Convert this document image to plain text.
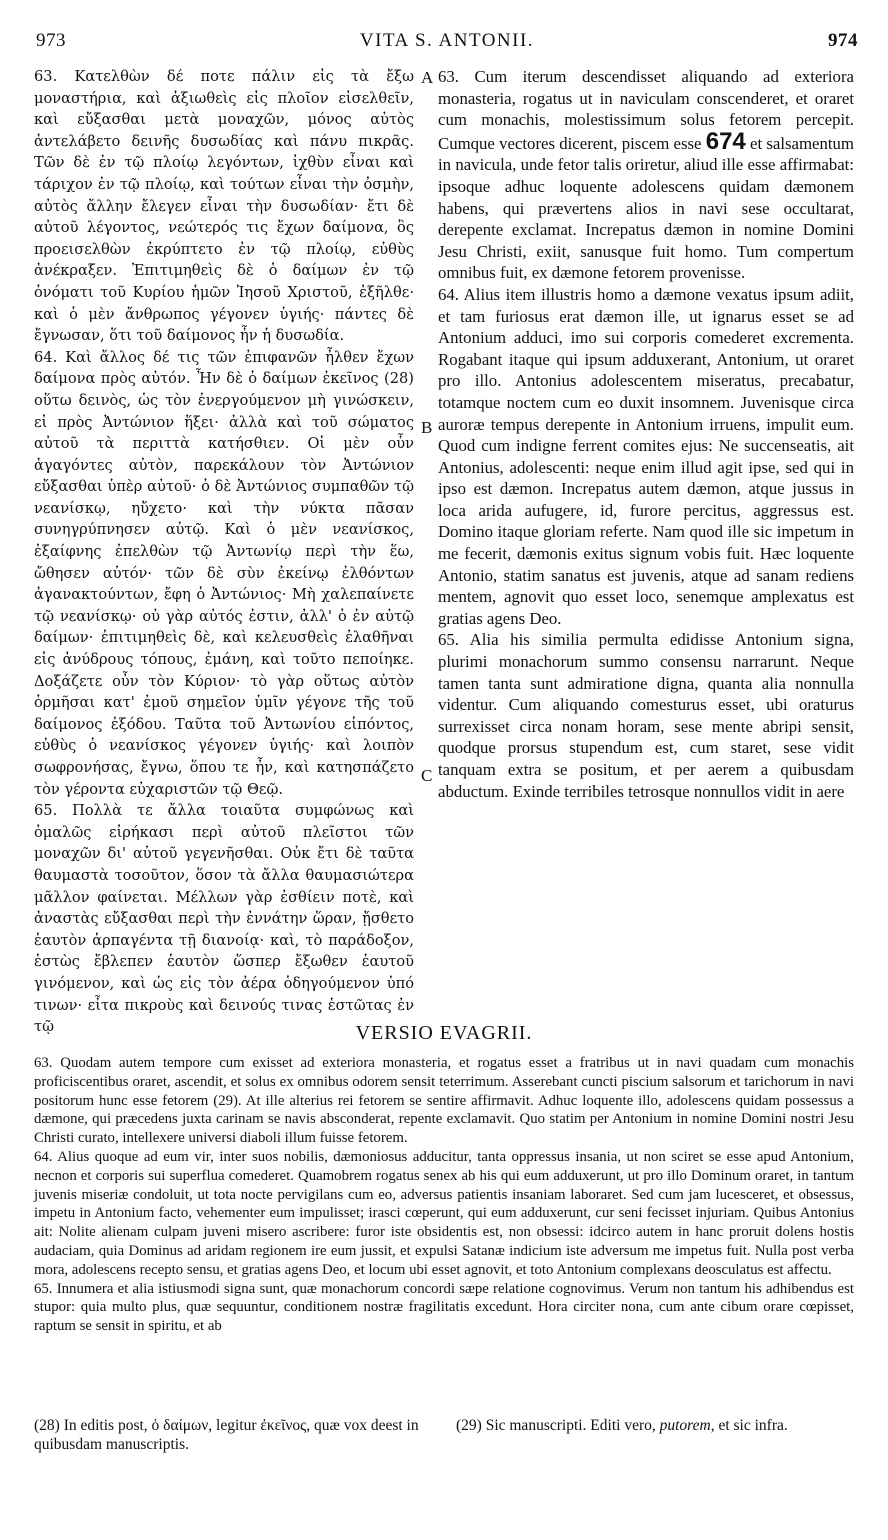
973	VITA S. ANTONII.	974

63. Κατελθὼν δέ ποτε πάλιν εἰς τὰ ἔξω μοναστήρια, καὶ ἀξιωθεὶς εἰς πλοῖον εἰσελθεῖν, καὶ εὔξασθαι μετὰ μοναχῶν, μόνος αὐτὸς ἀντελάβετο δεινῆς δυσωδίας καὶ πάνυ πικρᾶς. Τῶν δὲ ἐν τῷ πλοίῳ λεγόντων, ἰχθὺν εἶναι καὶ τάριχον ἐν τῷ πλοίῳ, καὶ τούτων εἶναι τὴν ὀσμὴν, αὐτὸς ἄλλην ἔλεγεν εἶναι τὴν δυσωδίαν· ἔτι δὲ αὐτοῦ λέγοντος, νεώτερός τις ἔχων δαίμονα, ὃς προεισελθὼν ἐκρύπτετο ἐν τῷ πλοίῳ, εὐθὺς ἀνέκραξεν. Ἐπιτιμηθεὶς δὲ ὁ δαίμων ἐν τῷ ὀνόματι τοῦ Κυρίου ἡμῶν Ἰησοῦ Χριστοῦ, ἐξῆλθε· καὶ ὁ μὲν ἄνθρωπος γέγονεν ὑγιής· πάντες δὲ ἔγνωσαν, ὅτι τοῦ δαίμονος ἦν ἡ δυσωδία.

64. Καὶ ἄλλος δέ τις τῶν ἐπιφανῶν ἦλθεν ἔχων δαίμονα πρὸς αὐτόν. Ἦν δὲ ὁ δαίμων ἐκεῖνος (28) οὕτω δεινὸς, ὡς τὸν ἐνεργούμενον μὴ γινώσκειν, εἰ πρὸς Ἀντώνιον ἥξει· ἀλλὰ καὶ τοῦ σώματος αὐτοῦ τὰ περιττὰ κατήσθιεν. Οἱ μὲν οὖν ἀγαγόντες αὐτὸν, παρεκάλουν τὸν Ἀντώνιον εὔξασθαι ὑπὲρ αὐτοῦ· ὁ δὲ Ἀντώνιος συμπαθῶν τῷ νεανίσκῳ, ηὔχετο· καὶ τὴν νύκτα πᾶσαν συνηγρύπνησεν αὐτῷ. Καὶ ὁ μὲν νεανίσκος, ἐξαίφνης ἐπελθὼν τῷ Ἀντωνίῳ περὶ τὴν ἕω, ὤθησεν αὐτόν· τῶν δὲ σὺν ἐκείνῳ ἐλθόντων ἀγανακτούντων, ἔφη ὁ Ἀντώνιος· Μὴ χαλεπαίνετε τῷ νεανίσκῳ· οὐ γὰρ αὐτός ἐστιν, ἀλλ' ὁ ἐν αὐτῷ δαίμων· ἐπιτιμηθεὶς δὲ, καὶ κελευσθεὶς ἐλαθῆναι εἰς ἀνύδρους τόπους, ἐμάνη, καὶ τοῦτο πεποίηκε. Δοξάζετε οὖν τὸν Κύριον· τὸ γὰρ οὕτως αὐτὸν ὁρμῆσαι κατ' ἐμοῦ σημεῖον ὑμῖν γέγονε τῆς τοῦ δαίμονος ἐξόδου. Ταῦτα τοῦ Ἀντωνίου εἰπόντος, εὐθὺς ὁ νεανίσκος γέγονεν ὑγιής· καὶ λοιπὸν σωφρονήσας, ἔγνω, ὅπου τε ἦν, καὶ κατησπάζετο τὸν γέροντα εὐχαριστῶν τῷ Θεῷ.

65. Πολλὰ τε ἄλλα τοιαῦτα συμφώνως καὶ ὁμαλῶς εἰρήκασι περὶ αὐτοῦ πλεῖστοι τῶν μοναχῶν δι' αὐτοῦ γεγενῆσθαι. Οὐκ ἔτι δὲ ταῦτα θαυμαστὰ τοσοῦτον, ὅσον τὰ ἄλλα θαυμασιώτερα μᾶλλον φαίνεται. Μέλλων γὰρ ἐσθίειν ποτὲ, καὶ ἀναστὰς εὔξασθαι περὶ τὴν ἐννάτην ὥραν, ᾔσθετο ἑαυτὸν ἁρπαγέντα τῇ διανοίᾳ· καὶ, τὸ παράδοξον, ἑστὼς ἔβλεπεν ἑαυτὸν ὥσπερ ἔξωθεν ἑαυτοῦ γινόμενον, καὶ ὡς εἰς τὸν ἀέρα ὁδηγούμενον ὑπό τινων· εἶτα πικροὺς καὶ δεινούς τινας ἑστῶτας ἐν τῷ

A
B
C

63. Cum iterum descendisset aliquando ad exteriora monasteria, rogatus ut in naviculam conscenderet, et oraret cum monachis, molestissimum solus fetorem percepit. Cumque vectores dicerent, piscem esse 674 et salsamentum in navicula, unde fetor talis oriretur, aliud ille esse affirmabat: ipsoque adhuc loquente adolescens quidam dæmonem habens, qui prævertens alios in navi sese occultarat, derepente exclamat. Increpatus dæmon in nomine Domini Jesu Christi, exiit, sanusque fuit homo. Tum compertum omnibus fuit, ex dæmone fetorem provenisse.

64. Alius item illustris homo a dæmone vexatus ipsum adiit, et tam furiosus erat dæmon ille, ut ignarus esset se ad Antonium adduci, imo sui corporis comederet excrementa. Rogabant itaque qui ipsum adduxerant, Antonium, ut oraret pro illo. Antonius adolescentem miseratus, precabatur, totamque noctem cum eo duxit insomnem. Juvenisque circa auroræ tempus derepente in Antonium irruens, impulit eum. Quod cum indigne ferrent comites ejus: Ne succenseatis, ait Antonius, adolescenti: neque enim illud agit ipse, sed qui in ipso est dæmon. Increpatus autem dæmon, atque jussus in loca arida aufugere, id, furore percitus, aggressus est. Domino itaque gloriam referte. Nam quod ille sic impetum in me fecerit, dæmonis exitus signum vobis fuit. Hæc loquente Antonio, statim sanatus est juvenis, atque ad sanam rediens mentem, agnovit quo esset loco, senemque amplexatus est gratias agens Deo.

65. Alia his similia permulta edidisse Antonium signa, plurimi monachorum summo consensu narrarunt. Neque tamen tanta sunt admiratione digna, quanta alia nonnulla videntur. Cum aliquando comesturus esset, ubi oraturus surrexisset circa nonam horam, sese mente abripi sensit, quodque prorsus stupendum est, cum staret, sese vidit tanquam extra se positum, et per aerem a quibusdam abductum. Exinde terribiles tetrosque nonnullos vidit in aere

VERSIO EVAGRII.

63. Quodam autem tempore cum exisset ad exteriora monasteria, et rogatus esset a fratribus ut in navi quadam cum monachis proficiscentibus oraret, ascendit, et solus ex omnibus odorem sensit teterrimum. Asserebant cuncti piscium salsorum et tarichorum in navi positorum hunc esse fetorem (29). At ille alterius rei fetorem se sentire affirmavit. Adhuc loquente illo, adolescens quidam possessus a dæmone, qui præcedens juxta carinam se navis absconderat, repente exclamavit. Quo statim per Antonium in nomine Domini nostri Jesu Christi curato, intellexere universi diaboli illum fuisse fetorem.

64. Alius quoque ad eum vir, inter suos nobilis, dæmoniosus adducitur, tanta oppressus insania, ut non sciret se esse apud Antonium, necnon et corporis sui superflua comederet. Quamobrem rogatus senex ab his qui eum adduxerunt, ut pro illo Dominum oraret, in tantum juvenis miseriæ condoluit, ut tota nocte pervigilans cum eo, adversus patientis insaniam laboraret. Sed cum jam lucesceret, et obsessus, impetu in Antonium facto, vehementer eum impulisset; irasci cœperunt, qui eum adduxerunt, cur seni fecisset injuriam. Quibus Antonius ait: Nolite alienam culpam juveni misero ascribere: furor iste obsidentis est, non obsessi: idcirco autem in hanc proruit dolens hostis audaciam, quia Dominus ad aridam regionem ire eum jussit, et expulsi Satanæ indicium iste adversum me impetus fuit. Nulla post verba mora, adolescens recepto sensu, et gratias agens Deo, et locum ubi esset agnovit, et toto Antonium complexans deosculatus est affectu.

65. Innumera et alia istiusmodi signa sunt, quæ monachorum concordi sæpe relatione cognovimus. Verum non tantum his adhibendus est stupor: quia multo plus, quæ sequuntur, conditionem nostræ fragilitatis excedunt. Hora circiter nona, cum ante cibum orare cœpisset, raptum se sensit in spiritu, et ab

(28) In editis post, ὁ δαίμων, legitur ἐκεῖνος, quæ vox deest in quibusdam manuscriptis.
(29) Sic manuscripti. Editi vero, putorem, et sic infra.
